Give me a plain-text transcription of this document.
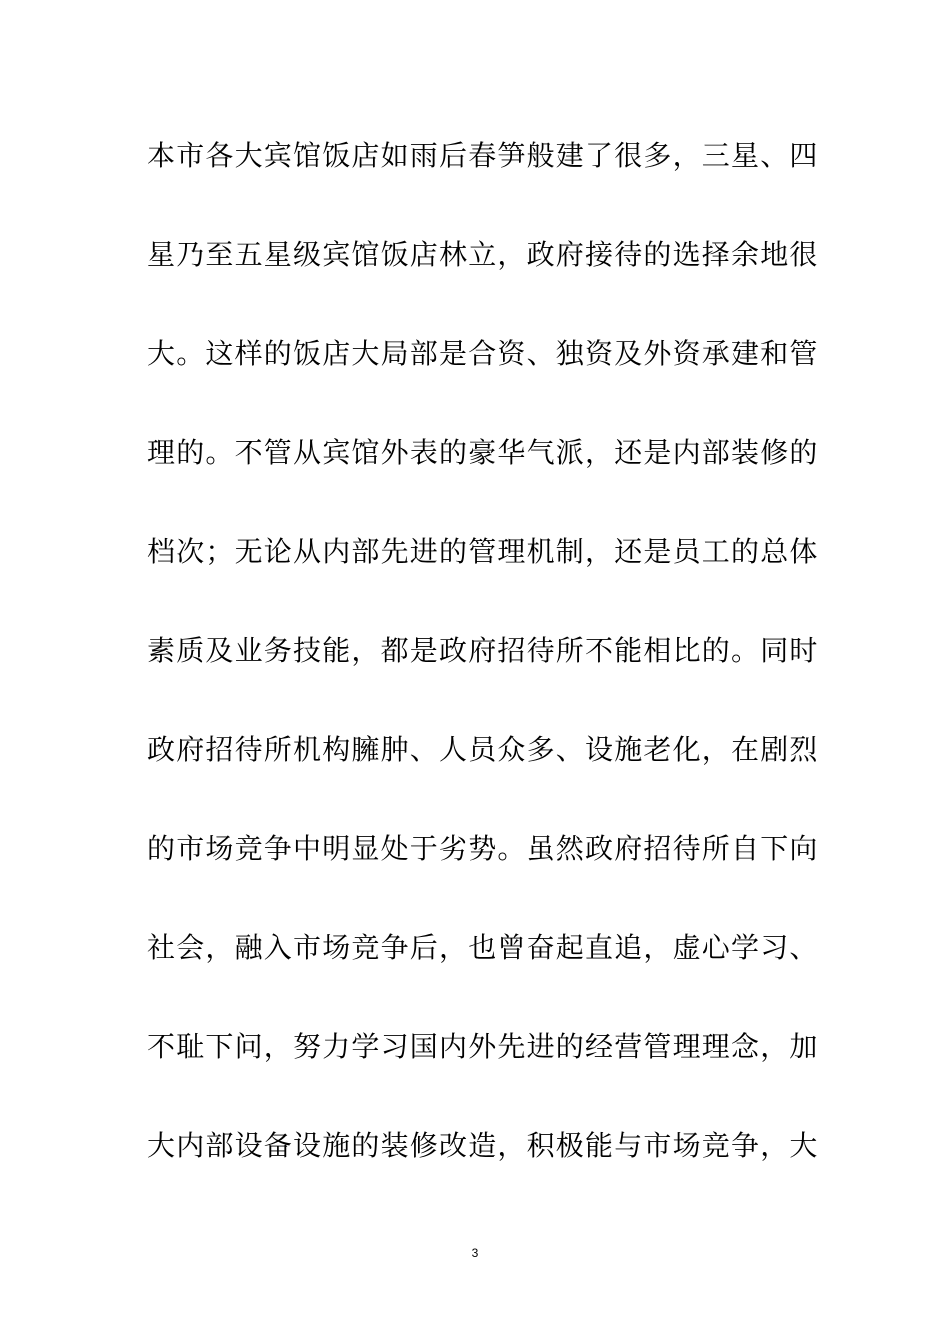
本市各大宾馆饭店如雨后春笋般建了很多，三星、四
星乃至五星级宾馆饭店林立，政府接待的选择余地很
大。这样的饭店大局部是合资、独资及外资承建和管
理的。不管从宾馆外表的豪华气派，还是内部装修的
档次；无论从内部先进的管理机制，还是员工的总体
素质及业务技能，都是政府招待所不能相比的。同时
政府招待所机构臃肿、人员众多、设施老化，在剧烈
的市场竞争中明显处于劣势。虽然政府招待所自下向
社会，融入市场竞争后，也曾奋起直追，虚心学习、
不耻下问，努力学习国内外先进的经营管理理念，加
大内部设备设施的装修改造，积极能与市场竞争，大
3
